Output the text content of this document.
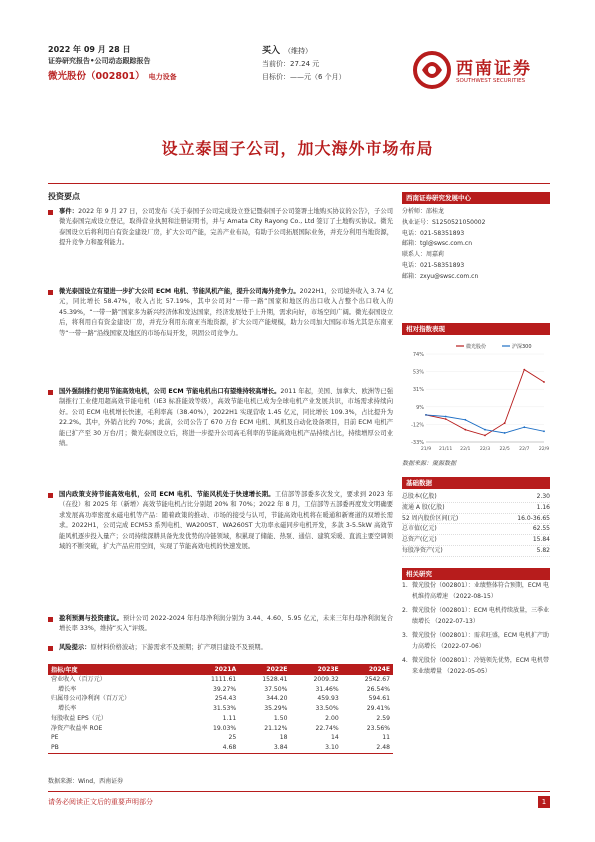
2022 年 09 月 28 日
证券研究报告•公司动态跟踪报告
微光股份（002801） 电力设备
买入 （维持）
当前价：27.24 元
目标价：——元（6 个月）	西南证券
SOUTHWEST SECURITIES
设立泰国子公司，加大海外市场布局
投资要点
事件：2022 年 9 月 27 日，公司发布《关于泰国子公司完成设立登记暨泰国子公司签署土地购买协议的公告》，子公司微光泰国完成设立登记，取得营业执照和注册证明书，并与 Amata City Rayong Co., Ltd 签订了土地购买协议。微光泰国设立后将利用自有资金建设厂房，扩大公司产能，完善产业布局，有助于公司拓展国际业务，并充分利用当地资源，提升竞争力和盈利能力。
微光泰国设立有望进一步扩大公司 ECM 电机、节能风机产能，提升公司海外竞争力。2022H1，公司境外收入 3.74 亿元，同比增长 58.47%，收入占比 57.19%，其中公司对“一带一路”国家和地区的出口收入占整个出口收入的 45.39%，“一带一路”国家多为新兴经济体和发达国家，经济发展处于上升期，需求向好，市场空间广阔。微光泰国设立后，将利用自有资金建设厂房，并充分利用东南亚当地资源，扩大公司产能规模，助力公司加大国际市场尤其是东南亚等“一带一路”沿线国家及地区的市场布局开发，巩固公司竞争力。
国外强制推行使用节能高效电机，公司 ECM 节能电机出口有望维持较高增长。2011 年起，美国、加拿大、欧洲等已强制推行工业使用超高效节能电机（IE3 标准能效等级），高效节能电机已成为全球电机产业发展共识，市场需求持续向好。公司 ECM 电机增长快速，毛利率高（38.40%），2022H1 实现营收 1.45 亿元，同比增长 109.3%，占比提升为 22.2%。其中，外销占比约 70%；此前，公司公告了 670 万台 ECM 电机、风机及自动化设备项目，目前 ECM 电机产能已扩产至 30 万台/月；微光泰国设立后，将进一步提升公司高毛利率的节能高效电机产品持续占比，持续增厚公司业绩。
国内政策支持节能高效电机，公司 ECM 电机、节能风机处于快速增长期。工信部等部委多次发文，要求到 2023 年（在役）和 2025 年（新增）高效节能电机占比分别超 20% 和 70%；2022 年 8 月，工信部等五部委再度发文明确要求发展高功率密度永磁电机等产品：随着政策的推动、市场的接受与认可，节能高效电机将在暖通和新赛道的双增长需求。2022H1，公司完成 ECM53 系列电机、WA200ST、WA260ST 大功率永磁同步电机开发，多款 3-5.5kW 高效节能风机逐步投入量产；公司持续深耕具备先发优势的冷链领域，积累现了储能、热泵、通信、建筑采暖、直流主要空调领域的不断突破，扩大产品应用空间，实现了节能高效电机的快速发展。
盈利预测与投资建议。预计公司 2022-2024 年归母净利润分别为 3.44、4.60、5.95 亿元，未来三年归母净利润复合增长率 33%，维持“买入”评级。
风险提示：原材料价格波动；下游需求不及预期；扩产项目建设不及预期。
指标/年度	2021A	2022E	2023E	2024E
营业收入（百万元）	1111.61	1528.41	2009.32	2542.67
增长率	39.27%	37.50%	31.46%	26.54%
归属母公司净利润（百万元）	254.43	344.20	459.93	594.61
增长率	31.53%	35.29%	33.50%	29.41%
每股收益 EPS（元）	1.11	1.50	2.00	2.59
净资产收益率 ROE	19.03%	21.12%	22.74%	23.56%
PE	25	18	14	11
PB	4.68	3.84	3.10	2.48
数据来源：Wind，西南证券
西南证券研究发展中心
分析师：邵桂龙
执业证号：S1250521050002
电话：021-58351893
邮箱：tgl@swsc.com.cn
联系人：周嘉莉
电话：021-58351893
邮箱：zxyu@swsc.com.cn
相对指数表现
74%
53%
31%
9%
-12%
-33%
21/9 21/11 22/1 22/3 22/5 22/7 22/9
微光股份	沪深300
数据来源：聚源数据
基础数据
总股本(亿股)	2.30
流通 A 股(亿股)	1.16
52 周内股价区间(元)	16.0-36.65
总市值(亿元)	62.55
总资产(亿元)	15.84
每股净资产(元)	5.82
相关研究
1. 微光股份（002801）：业绩整体符合预期，ECM 电机维持高增速 （2022-08-15）
2. 微光股份（002801）：ECM 电机持续放量，三季业绩增长 （2022-07-13）
3. 微光股份（002801）：需求旺盛，ECM 电机扩产助力高增长 （2022-07-06）
4. 微光股份（002801）：冷链领先优势，ECM 电机带来业绩增量 （2022-05-05）
请务必阅读正文后的重要声明部分	1
